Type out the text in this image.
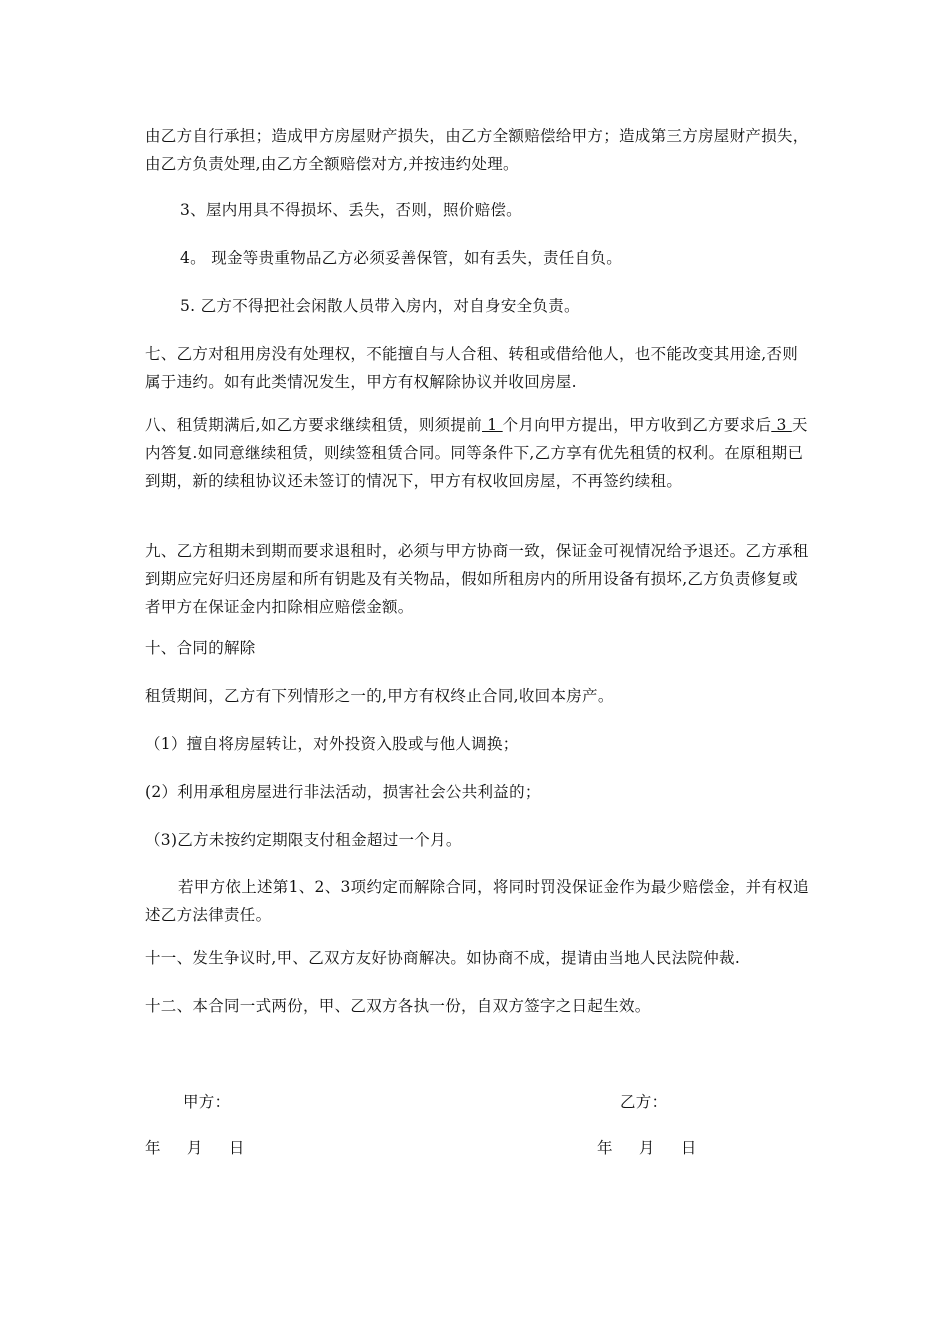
由乙方自行承担；造成甲方房屋财产损失，由乙方全额赔偿给甲方；造成第三方房屋财产损失，由乙方负责处理,由乙方全额赔偿对方,并按违约处理。

3、屋内用具不得损坏、丢失，否则，照价赔偿。

4。 现金等贵重物品乙方必须妥善保管，如有丢失，责任自负。

5. 乙方不得把社会闲散人员带入房内，对自身安全负责。

七、乙方对租用房没有处理权，不能擅自与人合租、转租或借给他人，也不能改变其用途,否则属于违约。如有此类情况发生，甲方有权解除协议并收回房屋.

八、租赁期满后,如乙方要求继续租赁，则须提前 1 个月向甲方提出，甲方收到乙方要求后 3 天内答复.如同意继续租赁，则续签租赁合同。同等条件下,乙方享有优先租赁的权利。在原租期已到期，新的续租协议还未签订的情况下，甲方有权收回房屋，不再签约续租。

九、乙方租期未到期而要求退租时，必须与甲方协商一致，保证金可视情况给予退还。乙方承租到期应完好归还房屋和所有钥匙及有关物品，假如所租房内的所用设备有损坏,乙方负责修复或者甲方在保证金内扣除相应赔偿金额。

十、合同的解除

租赁期间，乙方有下列情形之一的,甲方有权终止合同,收回本房产。

（1）擅自将房屋转让，对外投资入股或与他人调换；

(2）利用承租房屋进行非法活动，损害社会公共利益的；

（3)乙方未按约定期限支付租金超过一个月。

若甲方依上述第1、2、3项约定而解除合同，将同时罚没保证金作为最少赔偿金，并有权追述乙方法律责任。

十一、发生争议时,甲、乙双方友好协商解决。如协商不成，提请由当地人民法院仲裁.

十二、本合同一式两份，甲、乙双方各执一份，自双方签字之日起生效。

甲方：	乙方：
年     月     日	年     月     日
